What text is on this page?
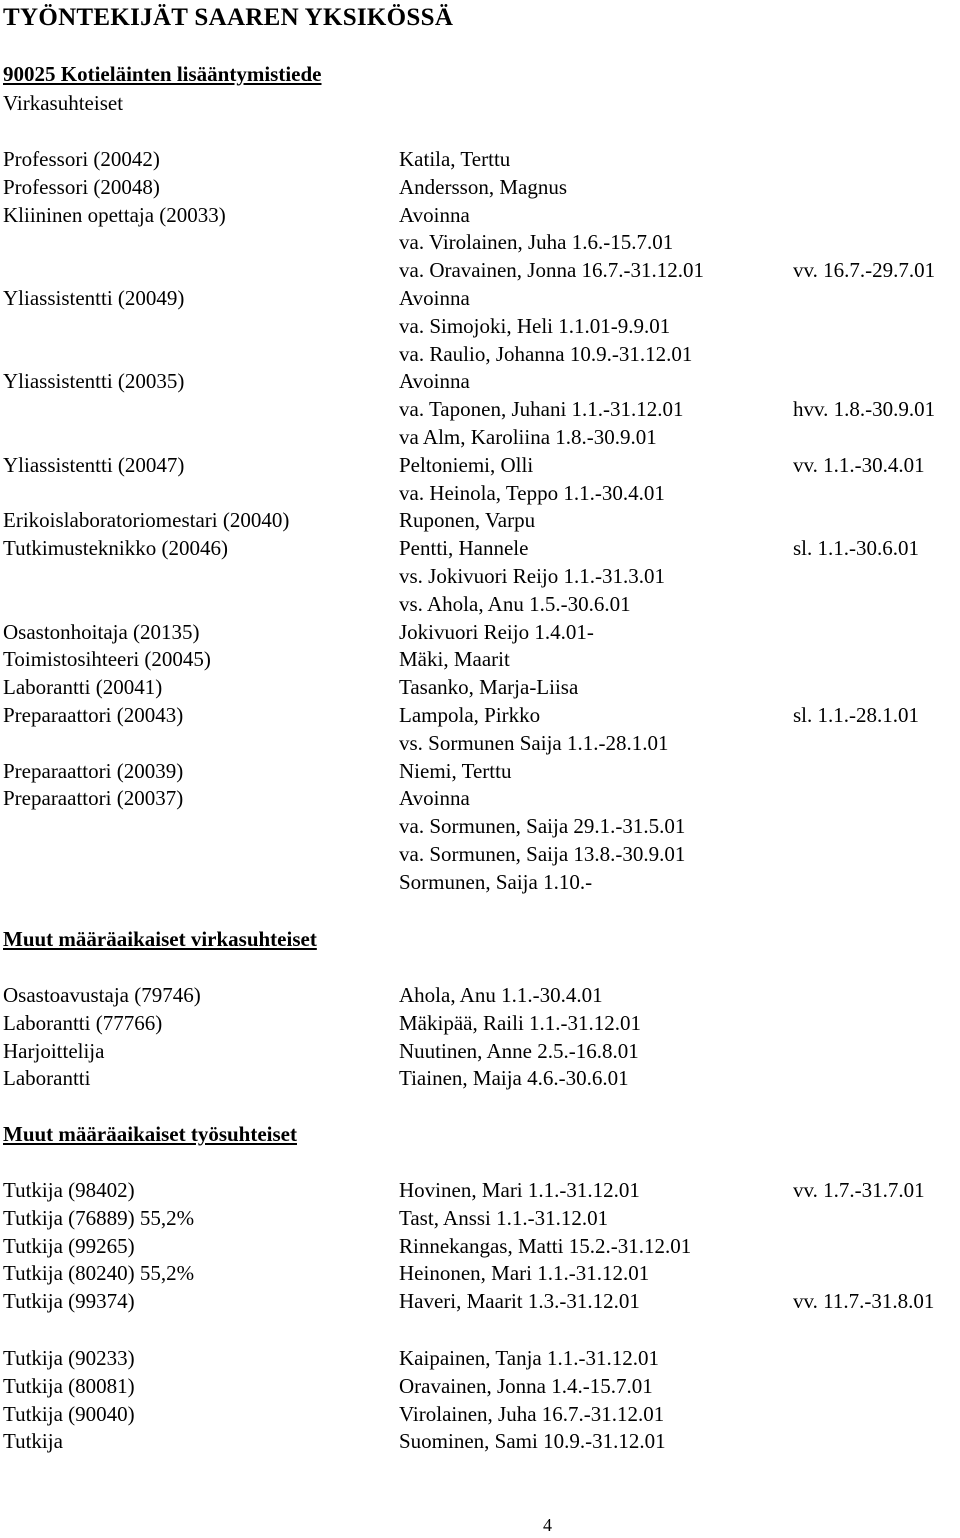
TYÖNTEKIJÄT SAAREN YKSIKÖSSÄ
90025 Kotieläinten lisääntymistiede
Virkasuhteiset
Professori (20042)	Katila, Terttu
Professori (20048)	Andersson, Magnus
Kliininen opettaja (20033)	Avoinna
va. Virolainen, Juha 1.6.-15.7.01
va. Oravainen, Jonna 16.7.-31.12.01	vv. 16.7.-29.7.01
Yliassistentti (20049)	Avoinna
va. Simojoki, Heli 1.1.01-9.9.01
va. Raulio, Johanna 10.9.-31.12.01
Yliassistentti (20035)	Avoinna
va. Taponen, Juhani 1.1.-31.12.01	hvv. 1.8.-30.9.01
va Alm, Karoliina 1.8.-30.9.01
Yliassistentti (20047)	Peltoniemi, Olli	vv. 1.1.-30.4.01
va. Heinola, Teppo 1.1.-30.4.01
Erikoislaboratoriomestari (20040)	Ruponen, Varpu
Tutkimusteknikko (20046)	Pentti, Hannele	sl. 1.1.-30.6.01
vs. Jokivuori Reijo 1.1.-31.3.01
vs. Ahola, Anu 1.5.-30.6.01
Osastonhoitaja (20135)	Jokivuori Reijo 1.4.01-
Toimistosihteeri (20045)	Mäki, Maarit
Laborantti (20041)	Tasanko, Marja-Liisa
Preparaattori (20043)	Lampola, Pirkko	sl. 1.1.-28.1.01
vs. Sormunen Saija 1.1.-28.1.01
Preparaattori (20039)	Niemi, Terttu
Preparaattori (20037)	Avoinna
va. Sormunen, Saija 29.1.-31.5.01
va. Sormunen, Saija 13.8.-30.9.01
Sormunen, Saija 1.10.-
Muut määräaikaiset virkasuhteiset
Osastoavustaja (79746)	Ahola, Anu 1.1.-30.4.01
Laborantti (77766)	Mäkipää, Raili 1.1.-31.12.01
Harjoittelija	Nuutinen, Anne 2.5.-16.8.01
Laborantti	Tiainen, Maija 4.6.-30.6.01
Muut määräaikaiset työsuhteiset
Tutkija (98402)	Hovinen, Mari 1.1.-31.12.01	vv. 1.7.-31.7.01
Tutkija (76889) 55,2%	Tast, Anssi 1.1.-31.12.01
Tutkija (99265)	Rinnekangas, Matti 15.2.-31.12.01
Tutkija (80240) 55,2%	Heinonen, Mari 1.1.-31.12.01
Tutkija (99374)	Haveri, Maarit 1.3.-31.12.01	vv. 11.7.-31.8.01
Tutkija (90233)	Kaipainen, Tanja 1.1.-31.12.01
Tutkija (80081)	Oravainen, Jonna 1.4.-15.7.01
Tutkija (90040)	Virolainen, Juha 16.7.-31.12.01
Tutkija	Suominen, Sami 10.9.-31.12.01
4
